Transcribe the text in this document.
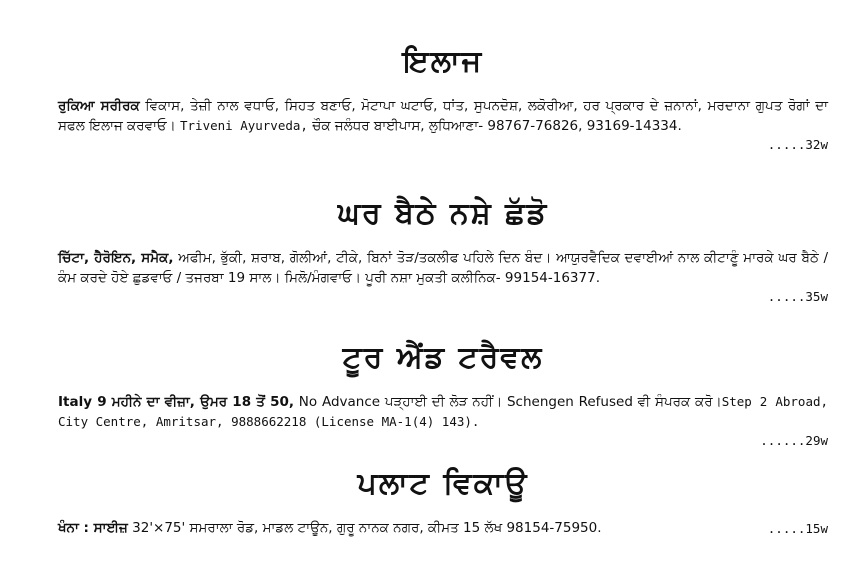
ਇਲਾਜ
ਰੁਕਿਆ ਸਰੀਰਕ ਵਿਕਾਸ, ਤੇਜ਼ੀ ਨਾਲ ਵਧਾਓ, ਸਿਹਤ ਬਣਾਓ, ਮੋਟਾਪਾ ਘਟਾਓ, ਧਾਂਤ, ਸੁਪਨਦੋਸ਼, ਲਕੋਰੀਆ, ਹਰ ਪ੍ਰਕਾਰ ਦੇ ਜ਼ਨਾਨਾਂ, ਮਰਦਾਨਾ ਗੁਪਤ ਰੋਗਾਂ ਦਾ ਸਫਲ ਇਲਾਜ ਕਰਵਾਓ। Triveni Ayurveda, ਚੌਕ ਜਲੰਧਰ ਬਾਈਪਾਸ, ਲੁਧਿਆਣਾ- 98767-76826, 93169-14334.
.....32w
ਘਰ ਬੈਠੇ ਨਸ਼ੇ ਛੱਡੋ
ਚਿੱਟਾ, ਹੈਰੋਇਨ, ਸਮੈਕ, ਅਫੀਮ, ਭੁੱਕੀ, ਸ਼ਰਾਬ, ਗੋਲੀਆਂ, ਟੀਕੇ, ਬਿਨਾਂ ਤੋੜ/ਤਕਲੀਫ ਪਹਿਲੇ ਦਿਨ ਬੰਦ। ਆਯੁਰਵੈਦਿਕ ਦਵਾਈਆਂ ਨਾਲ ਕੀਟਾਣੂੰ ਮਾਰਕੇ ਘਰ ਬੈਠੇ / ਕੰਮ ਕਰਦੇ ਹੋਏ ਛੁਡਵਾਓ / ਤਜਰਬਾ 19 ਸਾਲ। ਮਿਲੋ/ਮੰਗਵਾਓ। ਪੂਰੀ ਨਸ਼ਾ ਮੁਕਤੀ ਕਲੀਨਿਕ- 99154-16377.
.....35w
ਟੂਰ ਐਂਡ ਟਰੈਵਲ
Italy 9 ਮਹੀਨੇ ਦਾ ਵੀਜ਼ਾ, ਉਮਰ 18 ਤੋਂ 50, No Advance ਪੜ੍ਹਾਈ ਦੀ ਲੋੜ ਨਹੀਂ। Schengen Refused ਵੀ ਸੰਪਰਕ ਕਰੋ।Step 2 Abroad, City Centre, Amritsar, 9888662218 (License MA-1(4) 143).
......29w
ਪਲਾਟ ਵਿਕਾਊ
ਖੰਨਾ : ਸਾਈਜ਼ 32'×75' ਸਮਰਾਲਾ ਰੋਡ, ਮਾਡਲ ਟਾਊਨ, ਗੁਰੂ ਨਾਨਕ ਨਗਰ, ਕੀਮਤ 15 ਲੱਖ 98154-75950.	.....15w
